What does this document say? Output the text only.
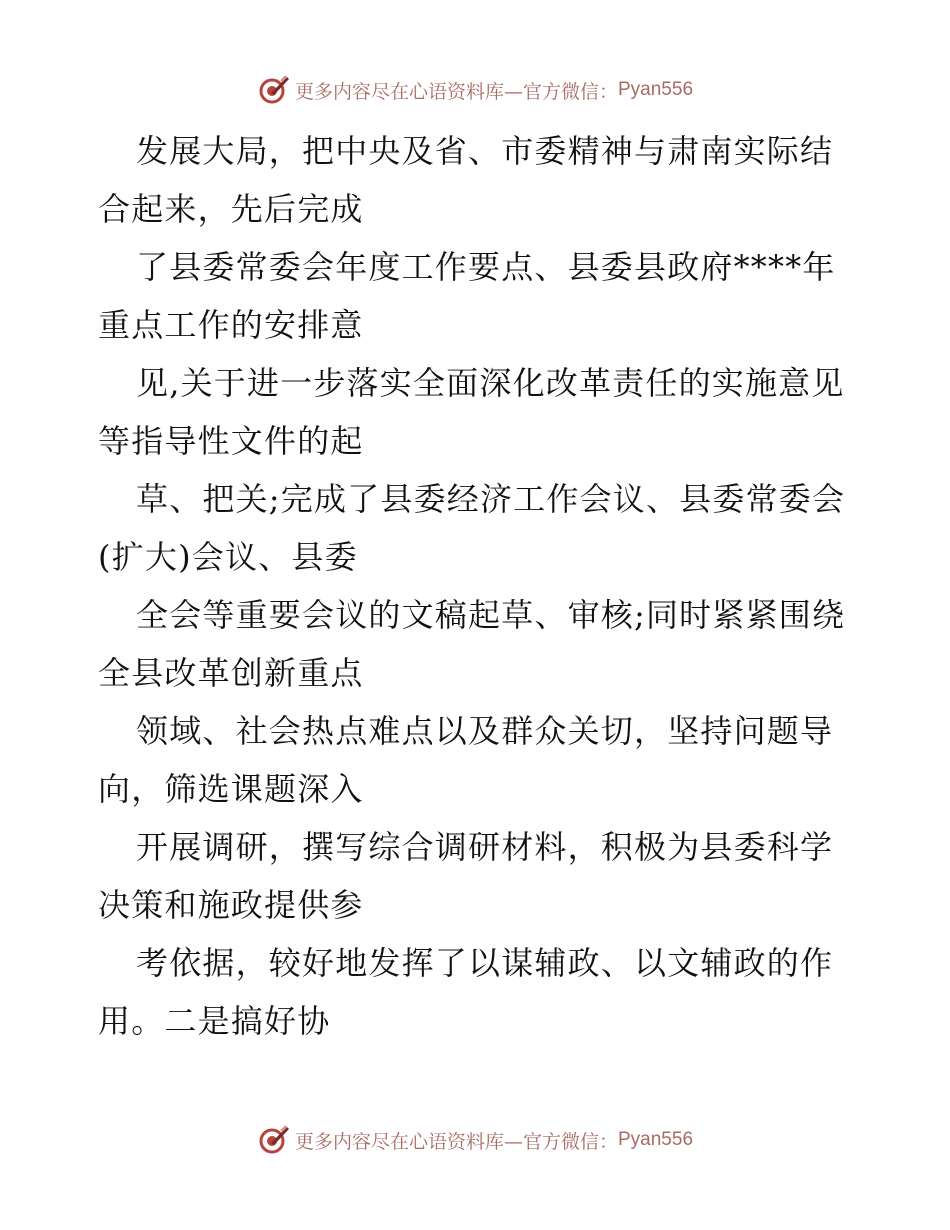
更多内容尽在心语资料库—官方微信： Pyan556

发展大局，把中央及省、市委精神与肃南实际结合起来，先后完成

了县委常委会年度工作要点、县委县政府****年重点工作的安排意

见,关于进一步落实全面深化改革责任的实施意见等指导性文件的起

草、把关;完成了县委经济工作会议、县委常委会(扩大)会议、县委

全会等重要会议的文稿起草、审核;同时紧紧围绕全县改革创新重点

领域、社会热点难点以及群众关切，坚持问题导向，筛选课题深入

开展调研，撰写综合调研材料，积极为县委科学决策和施政提供参

考依据，较好地发挥了以谋辅政、以文辅政的作用。二是搞好协

更多内容尽在心语资料库—官方微信： Pyan556
